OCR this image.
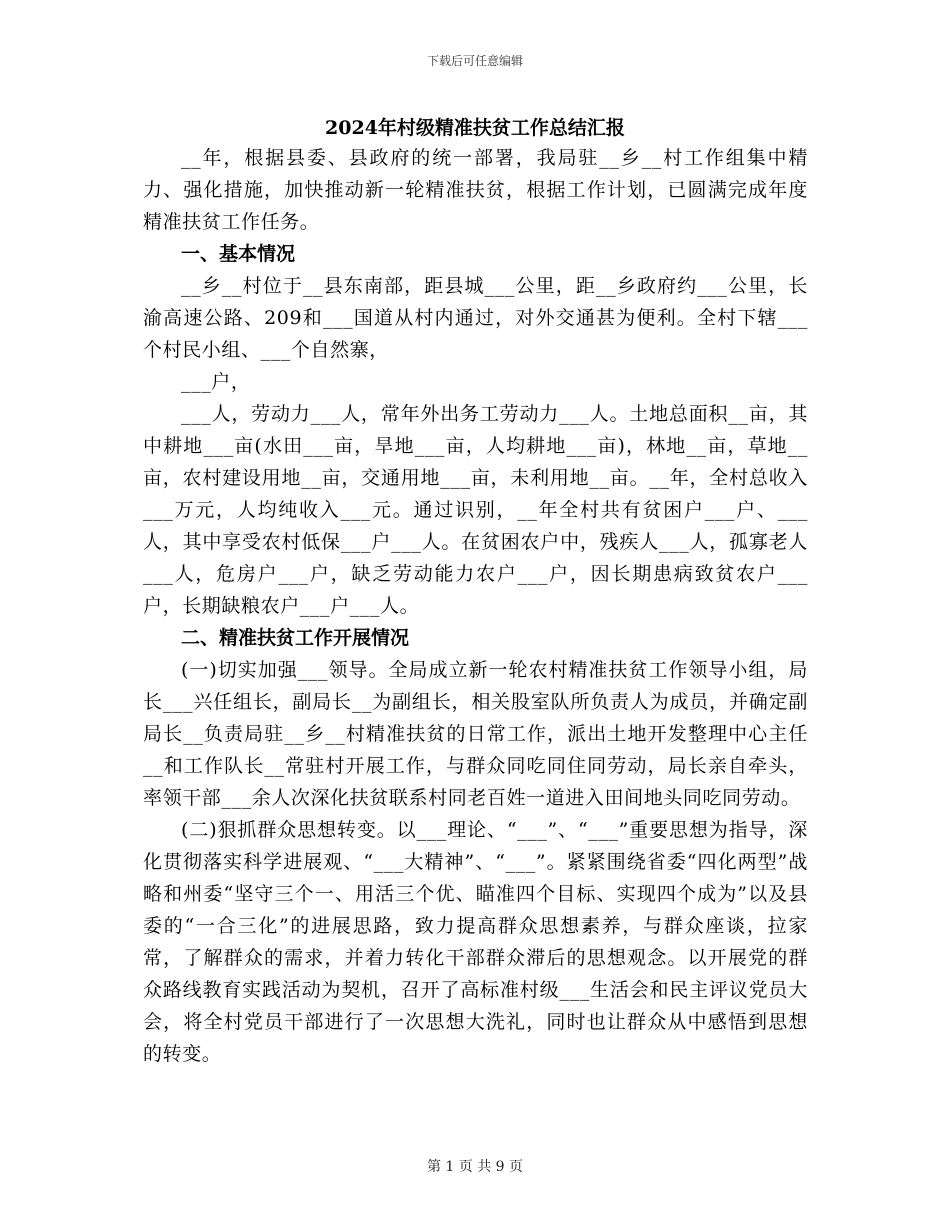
下载后可任意编辑
2024年村级精准扶贫工作总结汇报

__年，根据县委、县政府的统一部署，我局驻__乡__村工作组集中精力、强化措施，加快推动新一轮精准扶贫，根据工作计划，已圆满完成年度精准扶贫工作任务。

一、基本情况

__乡__村位于__县东南部，距县城___公里，距__乡政府约___公里，长渝高速公路、209和___国道从村内通过，对外交通甚为便利。全村下辖___个村民小组、___个自然寨，

___户，

___人，劳动力___人，常年外出务工劳动力___人。土地总面积__亩，其中耕地___亩(水田___亩，旱地___亩，人均耕地___亩)，林地__亩，草地__亩，农村建设用地__亩，交通用地___亩，未利用地__亩。__年，全村总收入___万元，人均纯收入___元。通过识别，__年全村共有贫困户___户、___人，其中享受农村低保___户___人。在贫困农户中，残疾人___人，孤寡老人___人，危房户___户，缺乏劳动能力农户___户，因长期患病致贫农户___户，长期缺粮农户___户___人。

二、精准扶贫工作开展情况

(一)切实加强___领导。全局成立新一轮农村精准扶贫工作领导小组，局长___兴任组长，副局长__为副组长，相关股室队所负责人为成员，并确定副局长__负责局驻__乡__村精准扶贫的日常工作，派出土地开发整理中心主任__和工作队长__常驻村开展工作，与群众同吃同住同劳动，局长亲自牵头，率领干部___余人次深化扶贫联系村同老百姓一道进入田间地头同吃同劳动。

(二)狠抓群众思想转变。以___理论、“___”、“___”重要思想为指导，深化贯彻落实科学进展观、“___大精神”、“___”。紧紧围绕省委“四化两型”战略和州委“坚守三个一、用活三个优、瞄准四个目标、实现四个成为”以及县委的“一合三化”的进展思路，致力提高群众思想素养，与群众座谈，拉家常，了解群众的需求，并着力转化干部群众滞后的思想观念。以开展党的群众路线教育实践活动为契机，召开了高标准村级___生活会和民主评议党员大会，将全村党员干部进行了一次思想大洗礼，同时也让群众从中感悟到思想的转变。

第 1 页 共 9 页
